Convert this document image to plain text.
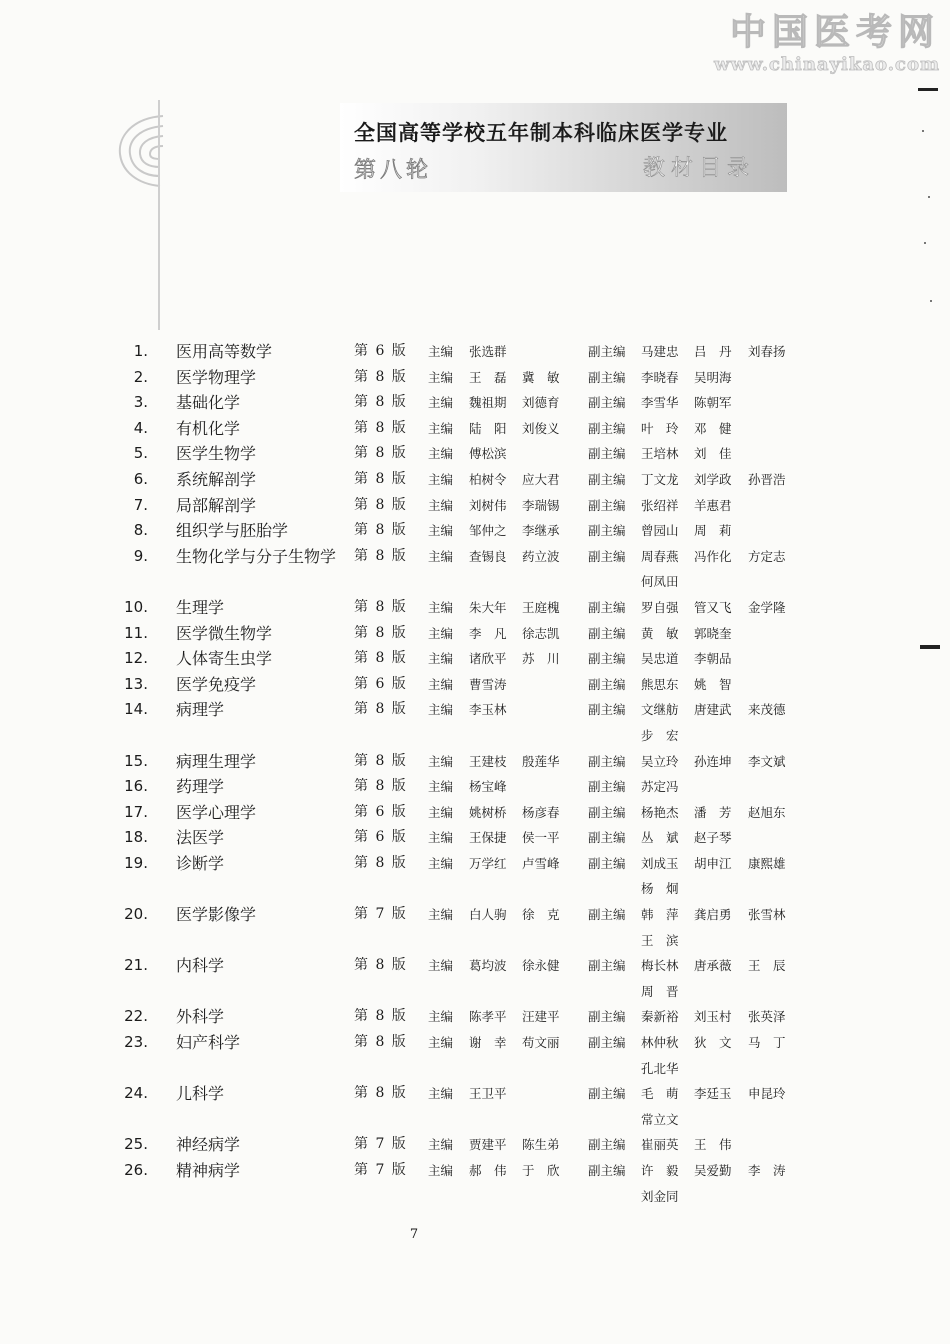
中国医考网
www.chinayikao.com
全国高等学校五年制本科临床医学专业
第八轮	教材目录
1. 医用高等数学	第 6 版 主编 张选群	副主编 马建忠 吕　丹 刘春扬
2. 医学物理学	第 8 版 主编 王　磊 冀　敏 副主编 李晓春 吴明海
3. 基础化学	第 8 版 主编 魏祖期 刘德育 副主编 李雪华 陈朝军
4. 有机化学	第 8 版 主编 陆　阳 刘俊义 副主编 叶　玲 邓　健
5. 医学生物学	第 8 版 主编 傅松滨	副主编 王培林 刘　佳
6. 系统解剖学	第 8 版 主编 柏树令 应大君 副主编 丁文龙 刘学政 孙晋浩
7. 局部解剖学	第 8 版 主编 刘树伟 李瑞锡 副主编 张绍祥 羊惠君
8. 组织学与胚胎学	第 8 版 主编 邹仲之 李继承 副主编 曾园山 周　莉
9. 生物化学与分子生物学 第 8 版 主编 查锡良 药立波 副主编 周春燕 冯作化 方定志
何凤田
10. 生理学	第 8 版 主编 朱大年 王庭槐 副主编 罗自强 管又飞 金学隆
11. 医学微生物学	第 8 版 主编 李　凡 徐志凯 副主编 黄　敏 郭晓奎
12. 人体寄生虫学	第 8 版 主编 诸欣平 苏　川 副主编 吴忠道 李朝品
13. 医学免疫学	第 6 版 主编 曹雪涛	副主编 熊思东 姚　智
14. 病理学	第 8 版 主编 李玉林	副主编 文继舫 唐建武 来茂德
步　宏
15. 病理生理学	第 8 版 主编 王建枝 殷莲华 副主编 吴立玲 孙连坤 李文斌
16. 药理学	第 8 版 主编 杨宝峰	副主编 苏定冯
17. 医学心理学	第 6 版 主编 姚树桥 杨彦春 副主编 杨艳杰 潘　芳 赵旭东
18. 法医学	第 6 版 主编 王保捷 侯一平 副主编 丛　斌 赵子琴
19. 诊断学	第 8 版 主编 万学红 卢雪峰 副主编 刘成玉 胡申江 康熙雄
杨　炯
20. 医学影像学	第 7 版 主编 白人驹 徐　克 副主编 韩　萍 龚启勇 张雪林
王　滨
21. 内科学	第 8 版 主编 葛均波 徐永健 副主编 梅长林 唐承薇 王　辰
周　晋
22. 外科学	第 8 版 主编 陈孝平 汪建平 副主编 秦新裕 刘玉村 张英泽
23. 妇产科学	第 8 版 主编 谢　幸 苟文丽 副主编 林仲秋 狄　文 马　丁
孔北华
24. 儿科学	第 8 版 主编 王卫平	副主编 毛　萌 李廷玉 申昆玲
常立文
25. 神经病学	第 7 版 主编 贾建平 陈生弟 副主编 崔丽英 王　伟
26. 精神病学	第 7 版 主编 郝　伟 于　欣 副主编 许　毅 吴爱勤 李　涛
刘金同
7
